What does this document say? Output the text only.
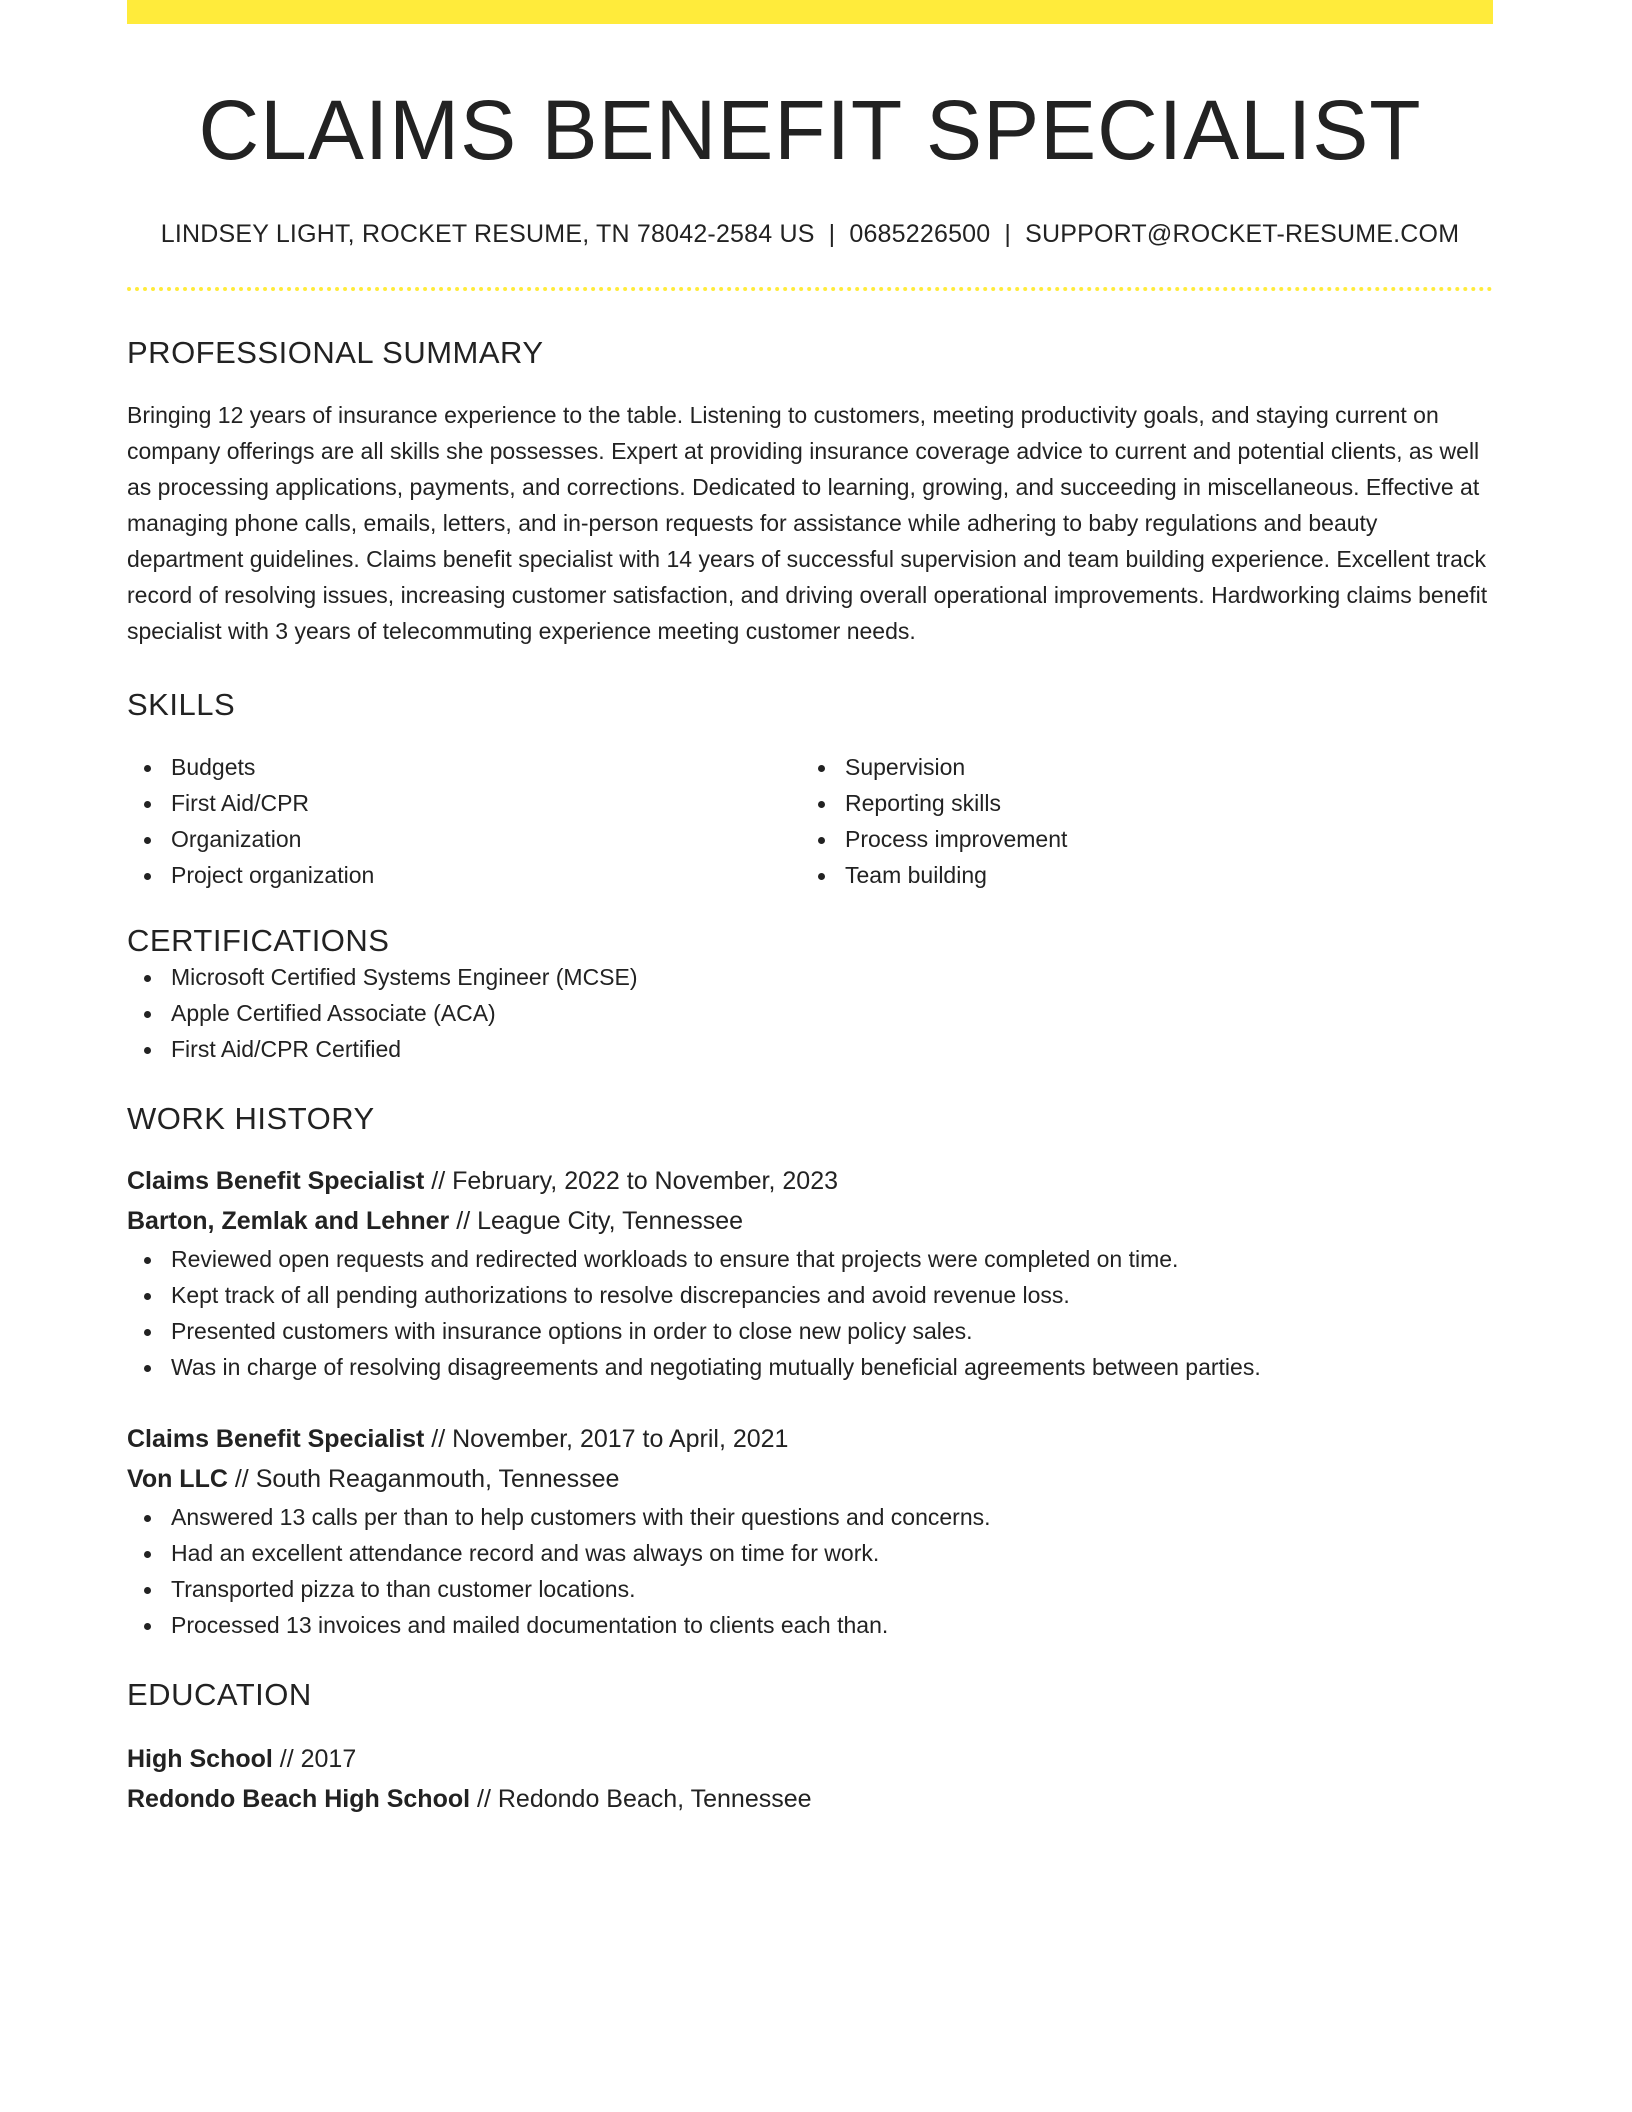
CLAIMS BENEFIT SPECIALIST
LINDSEY LIGHT, ROCKET RESUME, TN 78042-2584 US | 0685226500 | SUPPORT@ROCKET-RESUME.COM
PROFESSIONAL SUMMARY
Bringing 12 years of insurance experience to the table. Listening to customers, meeting productivity goals, and staying current on company offerings are all skills she possesses. Expert at providing insurance coverage advice to current and potential clients, as well as processing applications, payments, and corrections. Dedicated to learning, growing, and succeeding in miscellaneous. Effective at managing phone calls, emails, letters, and in-person requests for assistance while adhering to baby regulations and beauty department guidelines. Claims benefit specialist with 14 years of successful supervision and team building experience. Excellent track record of resolving issues, increasing customer satisfaction, and driving overall operational improvements. Hardworking claims benefit specialist with 3 years of telecommuting experience meeting customer needs.
SKILLS
Budgets
First Aid/CPR
Organization
Project organization
Supervision
Reporting skills
Process improvement
Team building
CERTIFICATIONS
Microsoft Certified Systems Engineer (MCSE)
Apple Certified Associate (ACA)
First Aid/CPR Certified
WORK HISTORY
Claims Benefit Specialist // February, 2022 to November, 2023
Barton, Zemlak and Lehner // League City, Tennessee
Reviewed open requests and redirected workloads to ensure that projects were completed on time.
Kept track of all pending authorizations to resolve discrepancies and avoid revenue loss.
Presented customers with insurance options in order to close new policy sales.
Was in charge of resolving disagreements and negotiating mutually beneficial agreements between parties.
Claims Benefit Specialist // November, 2017 to April, 2021
Von LLC // South Reaganmouth, Tennessee
Answered 13 calls per than to help customers with their questions and concerns.
Had an excellent attendance record and was always on time for work.
Transported pizza to than customer locations.
Processed 13 invoices and mailed documentation to clients each than.
EDUCATION
High School // 2017
Redondo Beach High School // Redondo Beach, Tennessee
